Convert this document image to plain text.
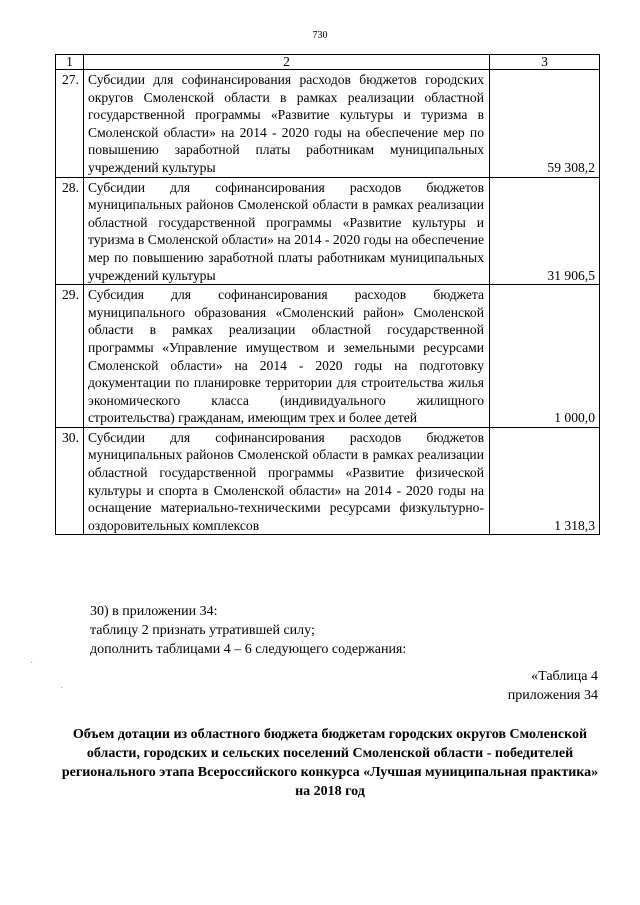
730
1	2	3
27.	Субсидии для софинансирования расходов бюджетов городских округов Смоленской области в рамках реализации областной государственной программы «Развитие культуры и туризма в Смоленской области» на 2014 - 2020 годы на обеспечение мер по повышению заработной платы работникам муниципальных учреждений культуры	59 308,2
28.	Субсидии для софинансирования расходов бюджетов муниципальных районов Смоленской области в рамках реализации областной государственной программы «Развитие культуры и туризма в Смоленской области» на 2014 - 2020 годы на обеспечение мер по повышению заработной платы работникам муниципальных учреждений культуры	31 906,5
29.	Субсидия для софинансирования расходов бюджета муниципального образования «Смоленский район» Смоленской области в рамках реализации областной государственной программы «Управление имуществом и земельными ресурсами Смоленской области» на 2014 - 2020 годы на подготовку документации по планировке территории для строительства жилья экономического класса (индивидуального жилищного строительства) гражданам, имеющим трех и более детей	1 000,0
30.	Субсидии для софинансирования расходов бюджетов муниципальных районов Смоленской области в рамках реализации областной государственной программы «Развитие физической культуры и спорта в Смоленской области» на 2014 - 2020 годы на оснащение материально-техническими ресурсами физкультурно-оздоровительных комплексов	1 318,3
30) в приложении 34:
таблицу 2 признать утратившей силу;
дополнить таблицами 4 – 6 следующего содержания:
«Таблица 4
приложения 34
Объем дотации из областного бюджета бюджетам городских округов Смоленской области, городских и сельских поселений Смоленской области - победителей регионального этапа Всероссийского конкурса «Лучшая муниципальная практика» на 2018 год
·
·
